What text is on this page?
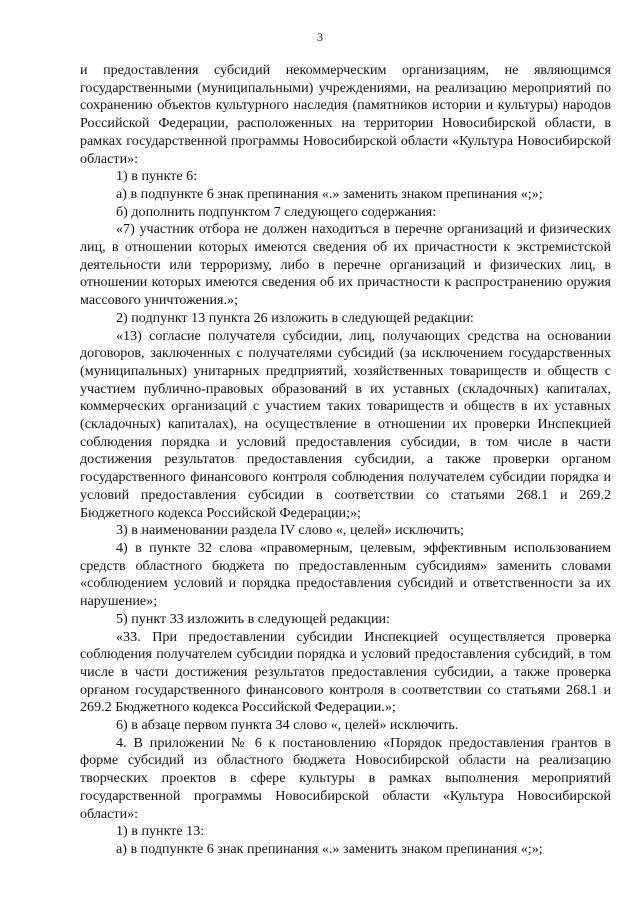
3

и предоставления субсидий некоммерческим организациям, не являющимся государственными (муниципальными) учреждениями, на реализацию мероприятий по сохранению объектов культурного наследия (памятников истории и культуры) народов Российской Федерации, расположенных на территории Новосибирской области, в рамках государственной программы Новосибирской области «Культура Новосибирской области»:

1) в пункте 6:

а) в подпункте 6 знак препинания «.» заменить знаком препинания «;»;

б) дополнить подпунктом 7 следующего содержания:

«7) участник отбора не должен находиться в перечне организаций и физических лиц, в отношении которых имеются сведения об их причастности к экстремистской деятельности или терроризму, либо в перечне организаций и физических лиц, в отношении которых имеются сведения об их причастности к распространению оружия массового уничтожения.»;

2) подпункт 13 пункта 26 изложить в следующей редакции:

«13) согласие получателя субсидии, лиц, получающих средства на основании договоров, заключенных с получателями субсидий (за исключением государственных (муниципальных) унитарных предприятий, хозяйственных товариществ и обществ с участием публично-правовых образований в их уставных (складочных) капиталах, коммерческих организаций с участием таких товариществ и обществ в их уставных (складочных) капиталах), на осуществление в отношении их проверки Инспекцией соблюдения порядка и условий предоставления субсидии, в том числе в части достижения результатов предоставления субсидии, а также проверки органом государственного финансового контроля соблюдения получателем субсидии порядка и условий предоставления субсидии в соответствии со статьями 268.1 и 269.2 Бюджетного кодекса Российской Федерации;»;

3) в наименовании раздела IV слово «, целей» исключить;

4) в пункте 32 слова «правомерным, целевым, эффективным использованием средств областного бюджета по предоставленным субсидиям» заменить словами «соблюдением условий и порядка предоставления субсидий и ответственности за их нарушение»;

5) пункт 33 изложить в следующей редакции:

«33. При предоставлении субсидии Инспекцией осуществляется проверка соблюдения получателем субсидии порядка и условий предоставления субсидий, в том числе в части достижения результатов предоставления субсидии, а также проверка органом государственного финансового контроля в соответствии со статьями 268.1 и 269.2 Бюджетного кодекса Российской Федерации.»;

6) в абзаце первом пункта 34 слово «, целей» исключить.

4. В приложении № 6 к постановлению «Порядок предоставления грантов в форме субсидий из областного бюджета Новосибирской области на реализацию творческих проектов в сфере культуры в рамках выполнения мероприятий государственной программы Новосибирской области «Культура Новосибирской области»:

1) в пункте 13:

а) в подпункте 6 знак препинания «.» заменить знаком препинания «;»;
